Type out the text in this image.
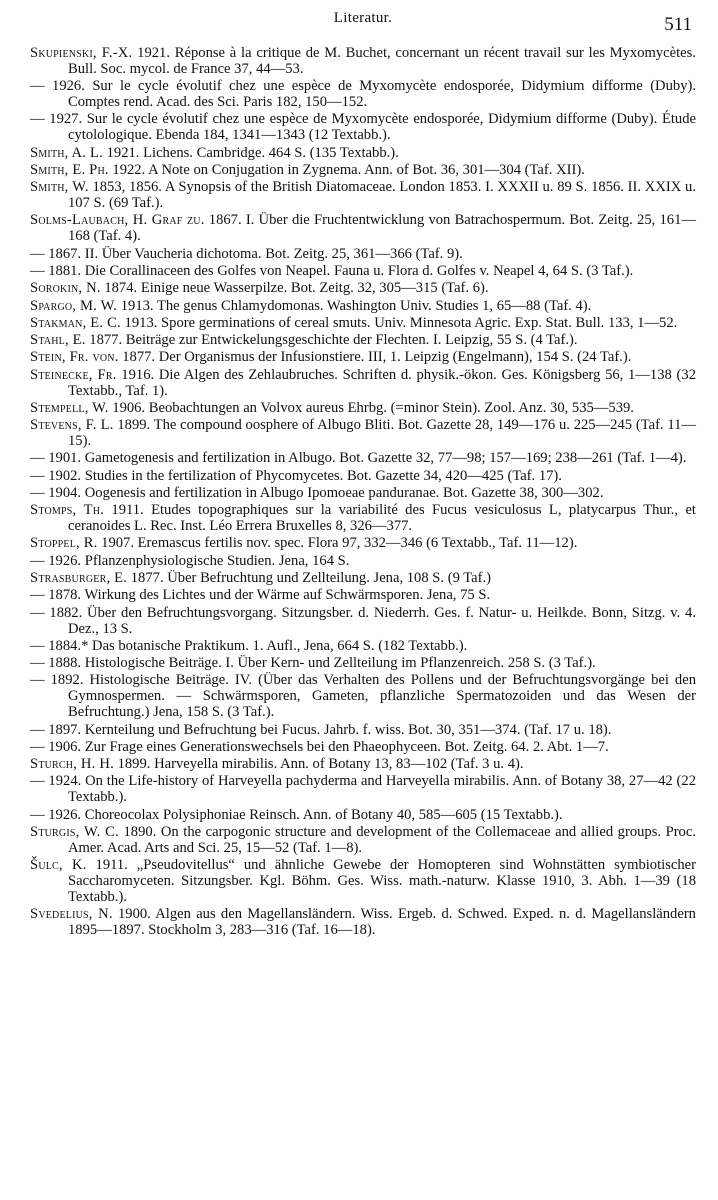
Literatur.	511
Skupienski, F.-X. 1921. Réponse à la critique de M. Buchet, concernant un récent travail sur les Myxomycètes. Bull. Soc. mycol. de France 37, 44—53.
— 1926. Sur le cycle évolutif chez une espèce de Myxomycète endosporée, Didymium difforme (Duby). Comptes rend. Acad. des Sci. Paris 182, 150—152.
— 1927. Sur le cycle évolutif chez une espèce de Myxomycète endosporée, Didymium difforme (Duby). Étude cytolologique. Ebenda 184, 1341—1343 (12 Textabb.).
Smith, A. L. 1921. Lichens. Cambridge. 464 S. (135 Textabb.).
Smith, E. Ph. 1922. A Note on Conjugation in Zygnema. Ann. of Bot. 36, 301—304 (Taf. XII).
Smith, W. 1853, 1856. A Synopsis of the British Diatomaceae. London 1853. I. XXXII u. 89 S. 1856. II. XXIX u. 107 S. (69 Taf.).
Solms-Laubach, H. Graf zu. 1867. I. Über die Fruchtentwicklung von Batrachospermum. Bot. Zeitg. 25, 161—168 (Taf. 4).
— 1867. II. Über Vaucheria dichotoma. Bot. Zeitg. 25, 361—366 (Taf. 9).
— 1881. Die Corallinaceen des Golfes von Neapel. Fauna u. Flora d. Golfes v. Neapel 4, 64 S. (3 Taf.).
Sorokin, N. 1874. Einige neue Wasserpilze. Bot. Zeitg. 32, 305—315 (Taf. 6).
Spargo, M. W. 1913. The genus Chlamydomonas. Washington Univ. Studies 1, 65—88 (Taf. 4).
Stakman, E. C. 1913. Spore germinations of cereal smuts. Univ. Minnesota Agric. Exp. Stat. Bull. 133, 1—52.
Stahl, E. 1877. Beiträge zur Entwickelungsgeschichte der Flechten. I. Leipzig, 55 S. (4 Taf.).
Stein, Fr. von. 1877. Der Organismus der Infusionstiere. III, 1. Leipzig (Engelmann), 154 S. (24 Taf.).
Steinecke, Fr. 1916. Die Algen des Zehlaubruches. Schriften d. physik.-ökon. Ges. Königsberg 56, 1—138 (32 Textabb., Taf. 1).
Stempell, W. 1906. Beobachtungen an Volvox aureus Ehrbg. (=minor Stein). Zool. Anz. 30, 535—539.
Stevens, F. L. 1899. The compound oosphere of Albugo Bliti. Bot. Gazette 28, 149—176 u. 225—245 (Taf. 11—15).
— 1901. Gametogenesis and fertilization in Albugo. Bot. Gazette 32, 77—98; 157—169; 238—261 (Taf. 1—4).
— 1902. Studies in the fertilization of Phycomycetes. Bot. Gazette 34, 420—425 (Taf. 17).
— 1904. Oogenesis and fertilization in Albugo Ipomoeae panduranae. Bot. Gazette 38, 300—302.
Stomps, Th. 1911. Etudes topographiques sur la variabilité des Fucus vesiculosus L, platycarpus Thur., et ceranoides L. Rec. Inst. Léo Errera Bruxelles 8, 326—377.
Stoppel, R. 1907. Eremascus fertilis nov. spec. Flora 97, 332—346 (6 Textabb., Taf. 11—12).
— 1926. Pflanzenphysiologische Studien. Jena, 164 S.
Strasburger, E. 1877. Über Befruchtung und Zellteilung. Jena, 108 S. (9 Taf.)
— 1878. Wirkung des Lichtes und der Wärme auf Schwärmsporen. Jena, 75 S.
— 1882. Über den Befruchtungsvorgang. Sitzungsber. d. Niederrh. Ges. f. Natur- u. Heilkde. Bonn, Sitzg. v. 4. Dez., 13 S.
— 1884.* Das botanische Praktikum. 1. Aufl., Jena, 664 S. (182 Textabb.).
— 1888. Histologische Beiträge. I. Über Kern- und Zellteilung im Pflanzenreich. 258 S. (3 Taf.).
— 1892. Histologische Beiträge. IV. (Über das Verhalten des Pollens und der Befruchtungsvorgänge bei den Gymnospermen. — Schwärmsporen, Gameten, pflanzliche Spermatozoiden und das Wesen der Befruchtung.) Jena, 158 S. (3 Taf.).
— 1897. Kernteilung und Befruchtung bei Fucus. Jahrb. f. wiss. Bot. 30, 351—374. (Taf. 17 u. 18).
— 1906. Zur Frage eines Generationswechsels bei den Phaeophyceen. Bot. Zeitg. 64. 2. Abt. 1—7.
Sturch, H. H. 1899. Harveyella mirabilis. Ann. of Botany 13, 83—102 (Taf. 3 u. 4).
— 1924. On the Life-history of Harveyella pachyderma and Harveyella mirabilis. Ann. of Botany 38, 27—42 (22 Textabb.).
— 1926. Choreocolax Polysiphoniae Reinsch. Ann. of Botany 40, 585—605 (15 Textabb.).
Sturgis, W. C. 1890. On the carpogonic structure and development of the Collemaceae and allied groups. Proc. Amer. Acad. Arts and Sci. 25, 15—52 (Taf. 1—8).
Šulc, K. 1911. „Pseudovitellus“ und ähnliche Gewebe der Homopteren sind Wohnstätten symbiotischer Saccharomyceten. Sitzungsber. Kgl. Böhm. Ges. Wiss. math.-naturw. Klasse 1910, 3. Abh. 1—39 (18 Textabb.).
Svedelius, N. 1900. Algen aus den Magellansländern. Wiss. Ergeb. d. Schwed. Exped. n. d. Magellansländern 1895—1897. Stockholm 3, 283—316 (Taf. 16—18).
